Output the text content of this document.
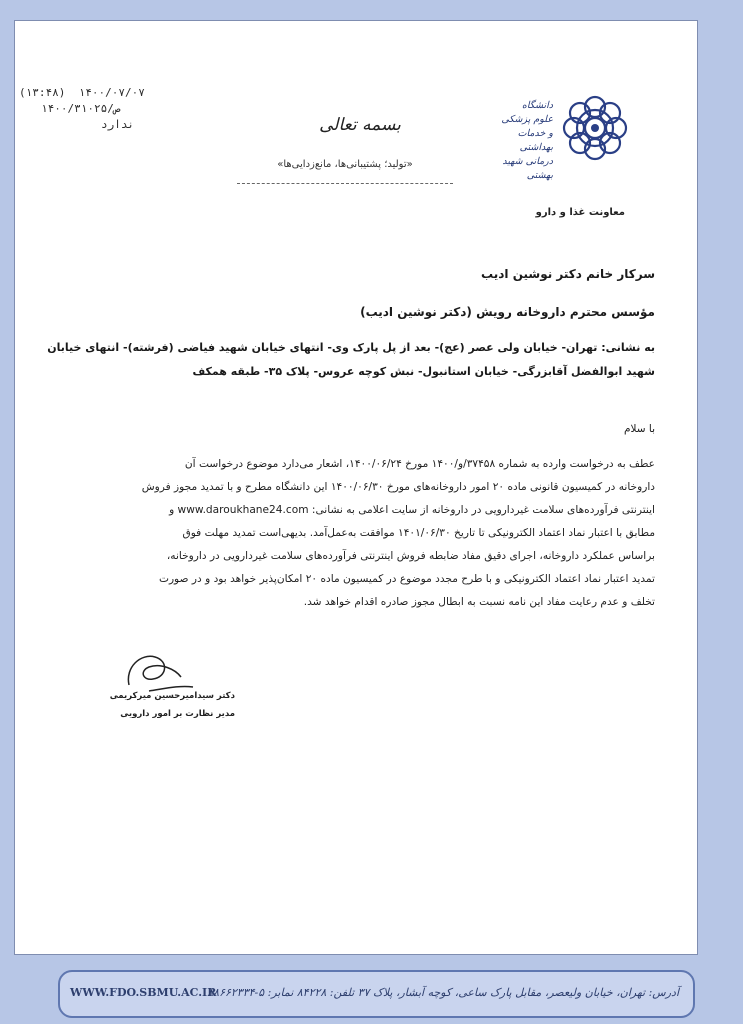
(۱۳:۴۸) ۱۴۰۰/۰۷/۰۷
۱۴۰۰/ص/۳۱۰۲۵
ندارد	بسمه تعالی
«تولید؛ پشتیبانی‌ها، مانع‌زدایی‌ها»
دانشگاه علوم پزشکی و خدمات بهداشتی درمانی شهید بهشتی
معاونت غذا و دارو
سرکار خانم دکتر نوشین ادیب
مؤسس محترم داروخانه رویش (دکتر نوشین ادیب)
به نشانی: تهران- خیابان ولی عصر (عج)- بعد از پل پارک وی- انتهای خیابان شهید فیاضی (فرشته)- انتهای خیابان
شهید ابوالفضل آقابزرگی- خیابان استانبول- نبش کوچه عروس- پلاک ۳۵- طبقه همکف
با سلام
عطف به درخواست وارده به شماره ۳۷۴۵۸/و/۱۴۰۰ مورخ ۱۴۰۰/۰۶/۲۴، اشعار می‌دارد موضوع درخواست آن
داروخانه در کمیسیون قانونی ماده ۲۰ امور داروخانه‌های مورخ ۱۴۰۰/۰۶/۳۰ این دانشگاه مطرح و با تمدید مجوز فروش
اینترنتی فرآورده‌های سلامت غیردارویی در داروخانه از سایت اعلامی به نشانی: www.daroukhane24.com و
مطابق با اعتبار نماد اعتماد الکترونیکی تا تاریخ ۱۴۰۱/۰۶/۳۰ موافقت به‌عمل‌آمد. بدیهی‌است تمدید مهلت فوق
براساس عملکرد داروخانه، اجرای دقیق مفاد ضابطه فروش اینترنتی فرآورده‌های سلامت غیردارویی در داروخانه،
تمدید اعتبار نماد اعتماد الکترونیکی و با طرح مجدد موضوع در کمیسیون ماده ۲۰ امکان‌پذیر خواهد بود و در صورت
تخلف و عدم رعایت مفاد این نامه نسبت به ابطال مجوز صادره اقدام خواهد شد.
دکتر سیدامیرحسین میرکریمی
مدیر نظارت بر امور دارویی
WWW.FDO.SBMU.AC.IR
آدرس: تهران، خیابان ولیعصر، مقابل پارک ساعی، کوچه آبشار، پلاک ۳۷ تلفن: ۸۴۲۲۸ نمابر: ۵-۸۸۶۶۲۳۳۴
